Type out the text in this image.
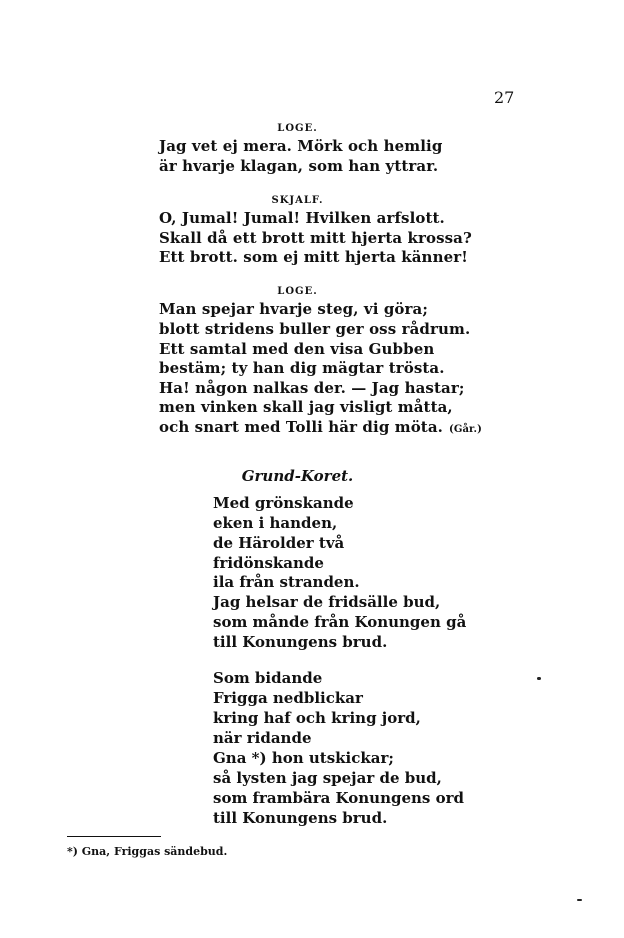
27
LOGE.
Jag vet ej mera. Mörk och hemlig
är hvarje klagan, som han yttrar.
SKJALF.
O, Jumal! Jumal! Hvilken arfslott.
Skall då ett brott mitt hjerta krossa?
Ett brott. som ej mitt hjerta känner!
LOGE.
Man spejar hvarje steg, vi göra;
blott stridens buller ger oss rådrum.
Ett samtal med den visa Gubben
bestäm; ty han dig mägtar trösta.
Ha! någon nalkas der. — Jag hastar;
men vinken skall jag visligt måtta,
och snart med Tolli här dig möta. (Går.)
Grund-Koret.
Med grönskande
eken i handen,
de Härolder två
fridönskande
ila från stranden.
Jag helsar de fridsälle bud,
som månde från Konungen gå
till Konungens brud.
Som bidande
Frigga nedblickar
kring haf och kring jord,
när ridande
Gna *) hon utskickar;
så lysten jag spejar de bud,
som frambära Konungens ord
till Konungens brud.
*) Gna, Friggas sändebud.
